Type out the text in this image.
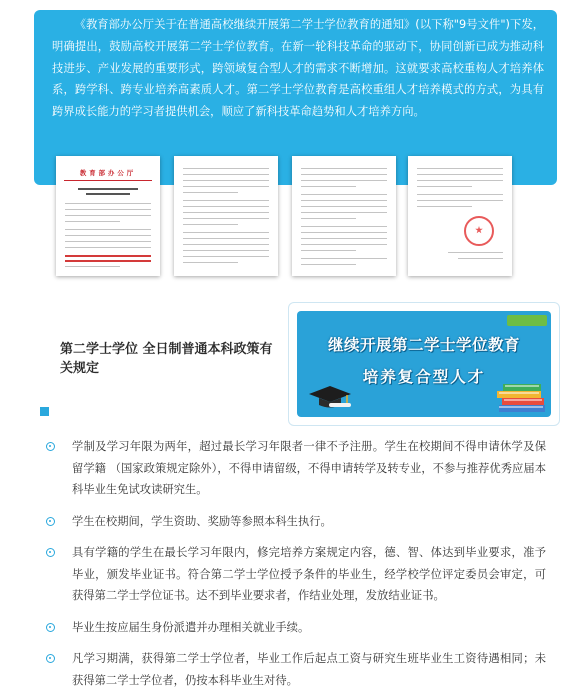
《教育部办公厅关于在普通高校继续开展第二学士学位教育的通知》(以下称"9号文件")下发，明确提出，鼓励高校开展第二学士学位教育。在新一轮科技革命的驱动下，协同创新已成为推动科技进步、产业发展的重要形式，跨领域复合型人才的需求不断增加。这就要求高校重构人才培养体系，跨学科、跨专业培养高素质人才。第二学士学位教育是高校重组人才培养模式的方式，为具有跨界成长能力的学习者提供机会，顺应了新科技革命趋势和人才培养方向。

教育部办公厅
继续开展第二学士学位教育
培养复合型人才
第二学士学位 全日制普通本科政策有关规定
学制及学习年限为两年，超过最长学习年限者一律不予注册。学生在校期间不得申请休学及保留学籍 （国家政策规定除外），不得申请留级，不得申请转学及转专业，不参与推荐优秀应届本科毕业生免试攻读研究生。
学生在校期间，学生资助、奖励等参照本科生执行。
具有学籍的学生在最长学习年限内，修完培养方案规定内容，德、智、体达到毕业要求，准予毕业，颁发毕业证书。符合第二学士学位授予条件的毕业生，经学校学位评定委员会审定，可获得第二学士学位证书。达不到毕业要求者，作结业处理，发放结业证书。
毕业生按应届生身份派遣并办理相关就业手续。
凡学习期满，获得第二学士学位者，毕业工作后起点工资与研究生班毕业生工资待遇相同；未获得第二学士学位者，仍按本科毕业生对待。
